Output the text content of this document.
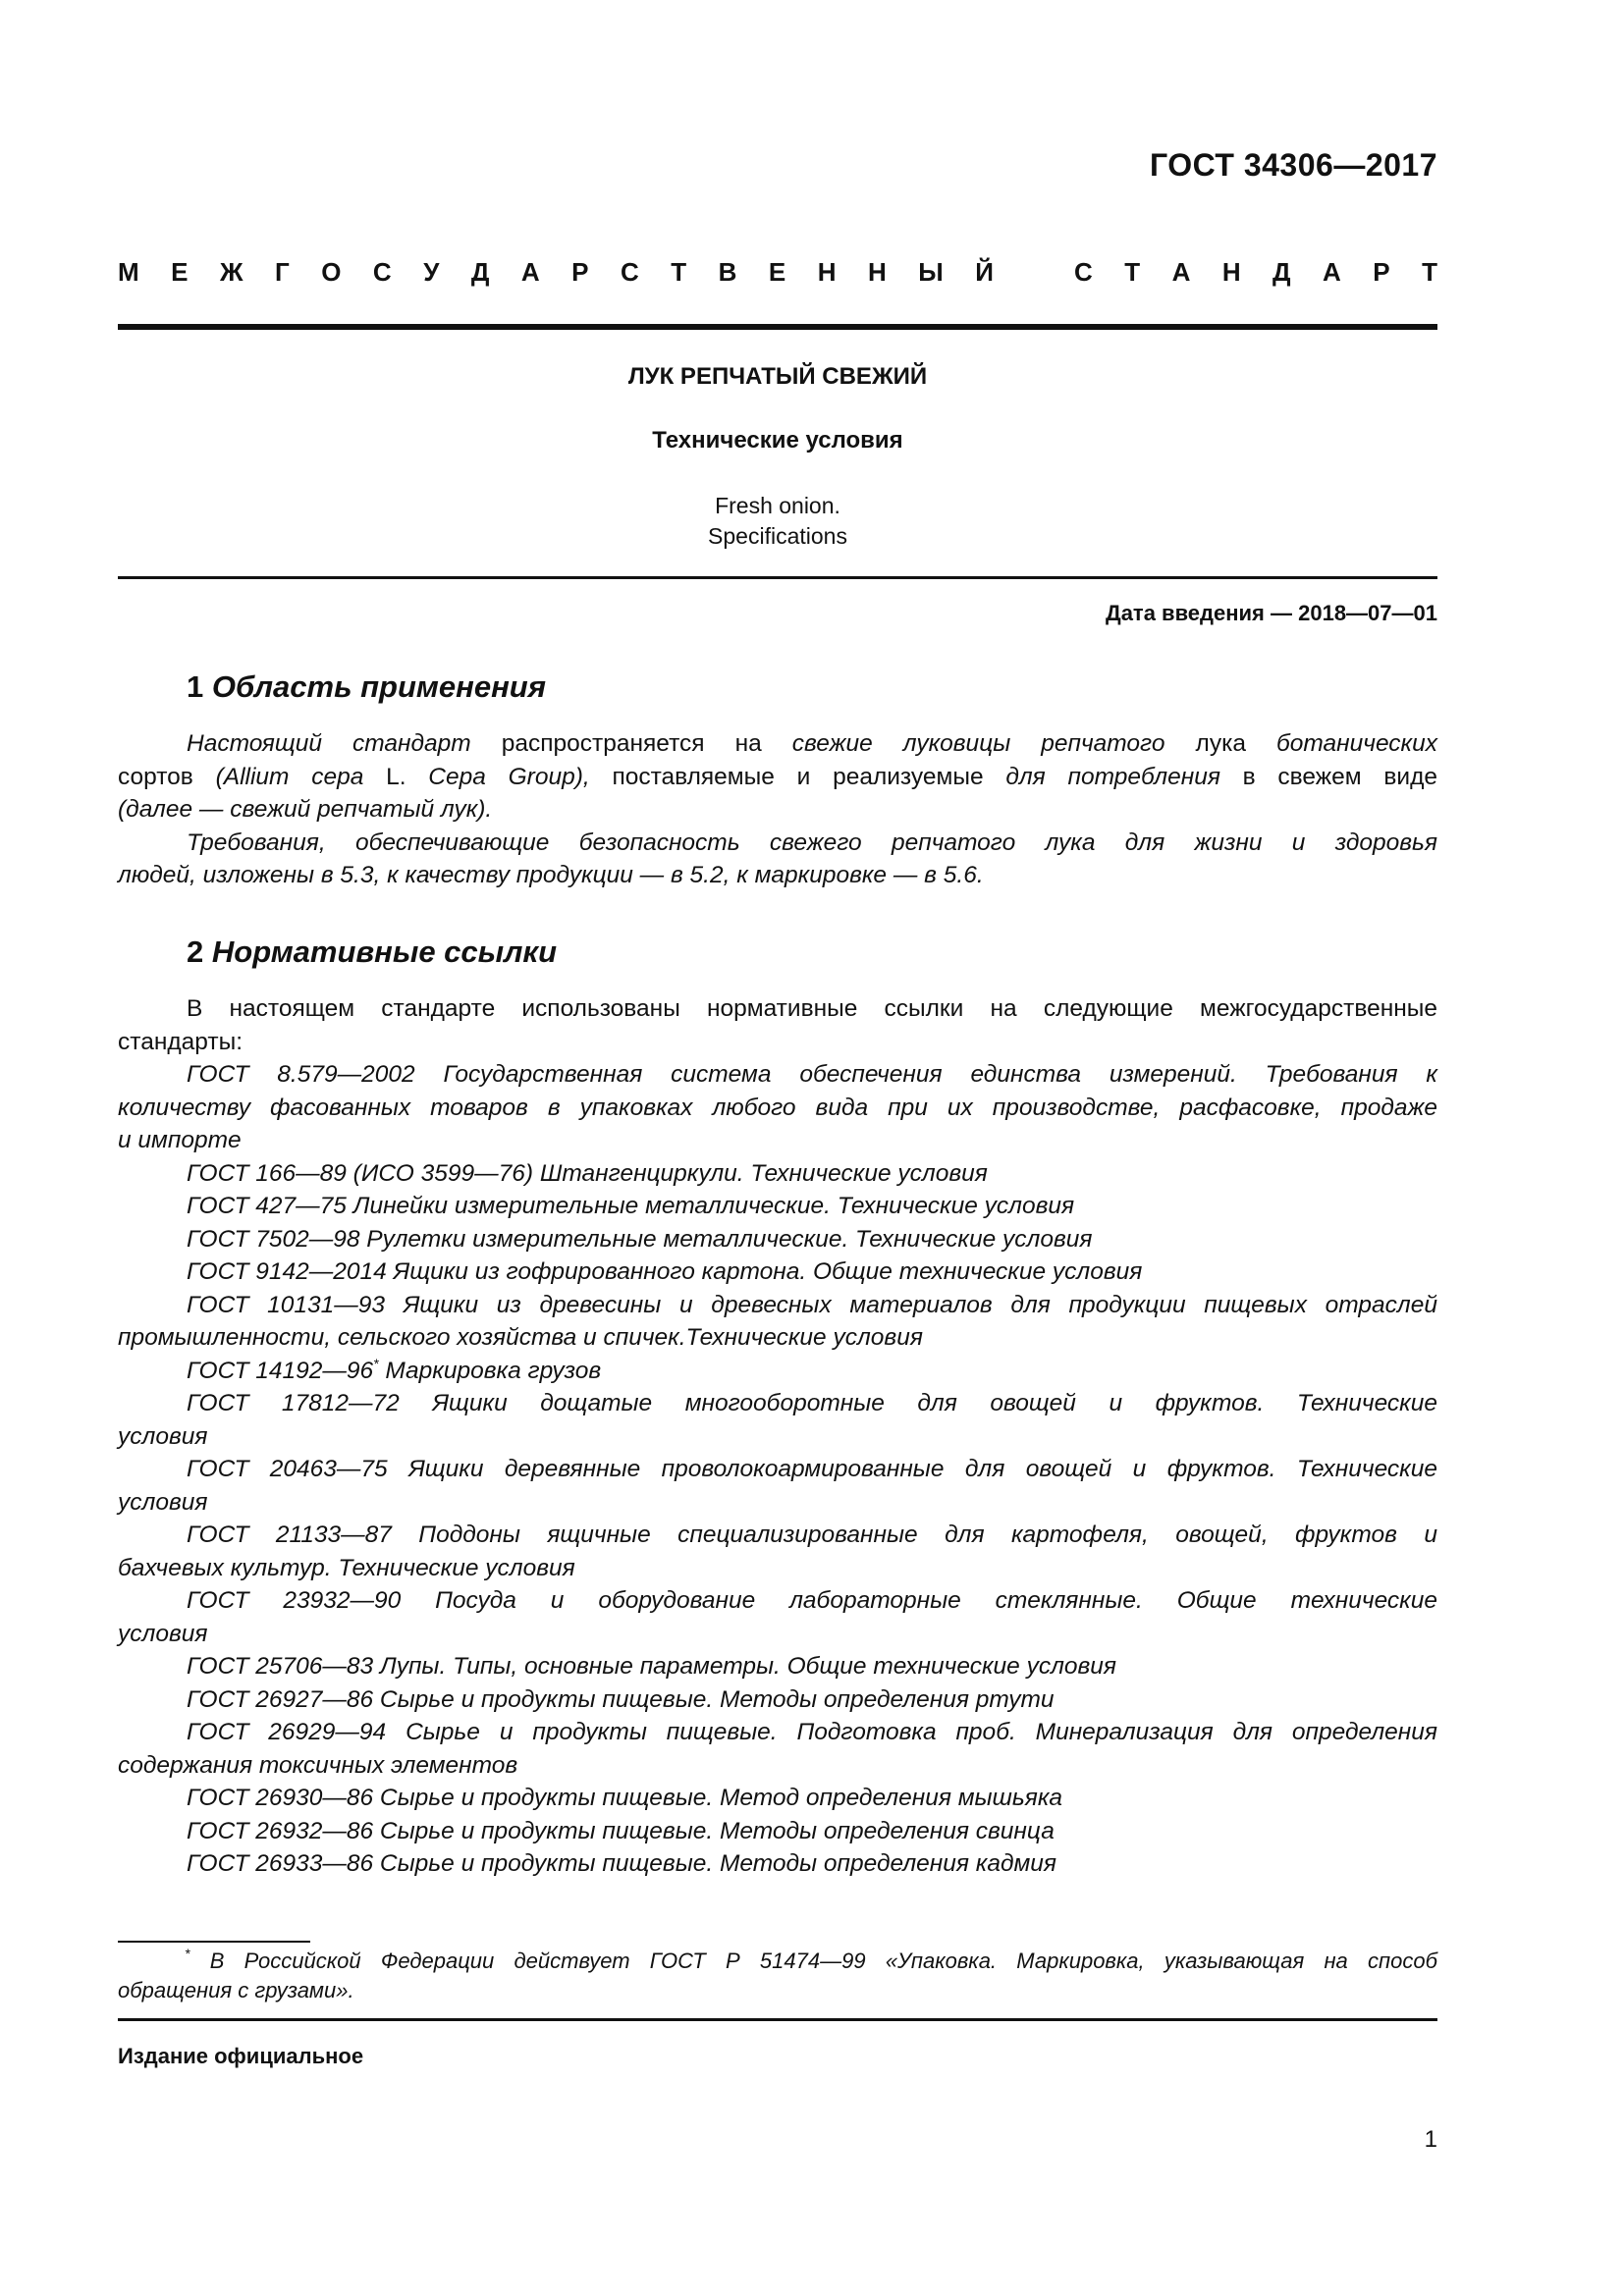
ГОСТ 34306—2017
М Е Ж Г О С У Д А Р С Т В Е Н Н Ы Й	С Т А Н Д А Р Т
ЛУК РЕПЧАТЫЙ СВЕЖИЙ
Технические условия
Fresh onion.
Specifications
Дата введения — 2018—07—01
1 Область применения

Настоящий стандарт распространяется на свежие луковицы репчатого лука ботанических

сортов (Allium сера L. Сера Group), поставляемые и реализуемые для потребления в свежем виде

(далее — свежий репчатый лук).

Требования, обеспечивающие безопасность свежего репчатого лука для жизни и здоровья

людей, изложены в 5.3, к качеству продукции — в 5.2, к маркировке — в 5.6.

2 Нормативные ссылки

В настоящем стандарте использованы нормативные ссылки на следующие межгосударственные

стандарты:

ГОСТ 8.579—2002 Государственная система обеспечения единства измерений. Требования к

количеству фасованных товаров в упаковках любого вида при их производстве, расфасовке, продаже

и импорте

ГОСТ 166—89 (ИСО 3599—76) Штангенциркули. Технические условия

ГОСТ 427—75 Линейки измерительные металлические. Технические условия

ГОСТ 7502—98 Рулетки измерительные металлические. Технические условия

ГОСТ 9142—2014 Ящики из гофрированного картона. Общие технические условия

ГОСТ 10131—93 Ящики из древесины и древесных материалов для продукции пищевых отраслей

промышленности, сельского хозяйства и спичек.Технические условия

ГОСТ 14192—96* Маркировка грузов

ГОСТ 17812—72 Ящики дощатые многооборотные для овощей и фруктов. Технические

условия

ГОСТ 20463—75 Ящики деревянные проволокоармированные для овощей и фруктов. Технические

условия

ГОСТ 21133—87 Поддоны ящичные специализированные для картофеля, овощей, фруктов и

бахчевых культур. Технические условия

ГОСТ 23932—90 Посуда и оборудование лабораторные стеклянные. Общие технические

условия

ГОСТ 25706—83 Лупы. Типы, основные параметры. Общие технические условия

ГОСТ 26927—86 Сырье и продукты пищевые. Методы определения ртути

ГОСТ 26929—94 Сырье и продукты пищевые. Подготовка проб. Минерализация для определения

содержания токсичных элементов

ГОСТ 26930—86 Сырье и продукты пищевые. Метод определения мышьяка

ГОСТ 26932—86 Сырье и продукты пищевые. Методы определения свинца

ГОСТ 26933—86 Сырье и продукты пищевые. Методы определения кадмия

* В Российской Федерации действует ГОСТ Р 51474—99 «Упаковка. Маркировка, указывающая на способ

обращения с грузами».

Издание официальное
1
